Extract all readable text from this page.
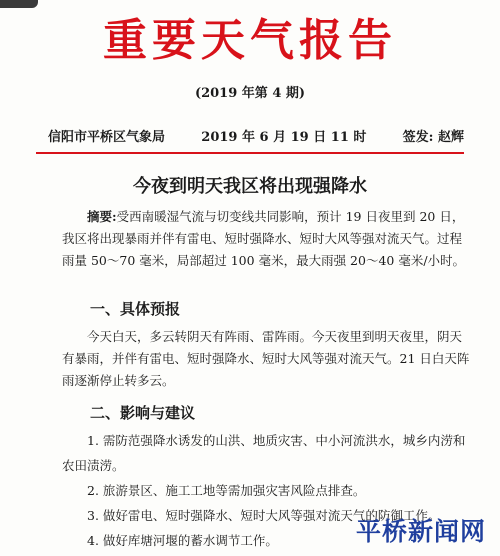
重要天气报告
(2019 年第 4 期)
信阳市平桥区气象局	2019 年 6 月 19 日 11 时	签发: 赵辉
今夜到明天我区将出现强降水

摘要:受西南暖湿气流与切变线共同影响，预计 19 日夜里到 20 日，我区将出现暴雨并伴有雷电、短时强降水、短时大风等强对流天气。过程雨量 50～70 毫米，局部超过 100 毫米，最大雨强 20～40 毫米/小时。

一、具体预报

今天白天，多云转阴天有阵雨、雷阵雨。今天夜里到明天夜里，阴天有暴雨，并伴有雷电、短时强降水、短时大风等强对流天气。21 日白天阵雨逐渐停止转多云。

二、影响与建议
1. 需防范强降水诱发的山洪、地质灾害、中小河流洪水，城乡内涝和农田渍涝。
2. 旅游景区、施工工地等需加强灾害风险点排查。
3. 做好雷电、短时强降水、短时大风等强对流天气的防御工作。
4. 做好库塘河堰的蓄水调节工作。	平桥新闻网
